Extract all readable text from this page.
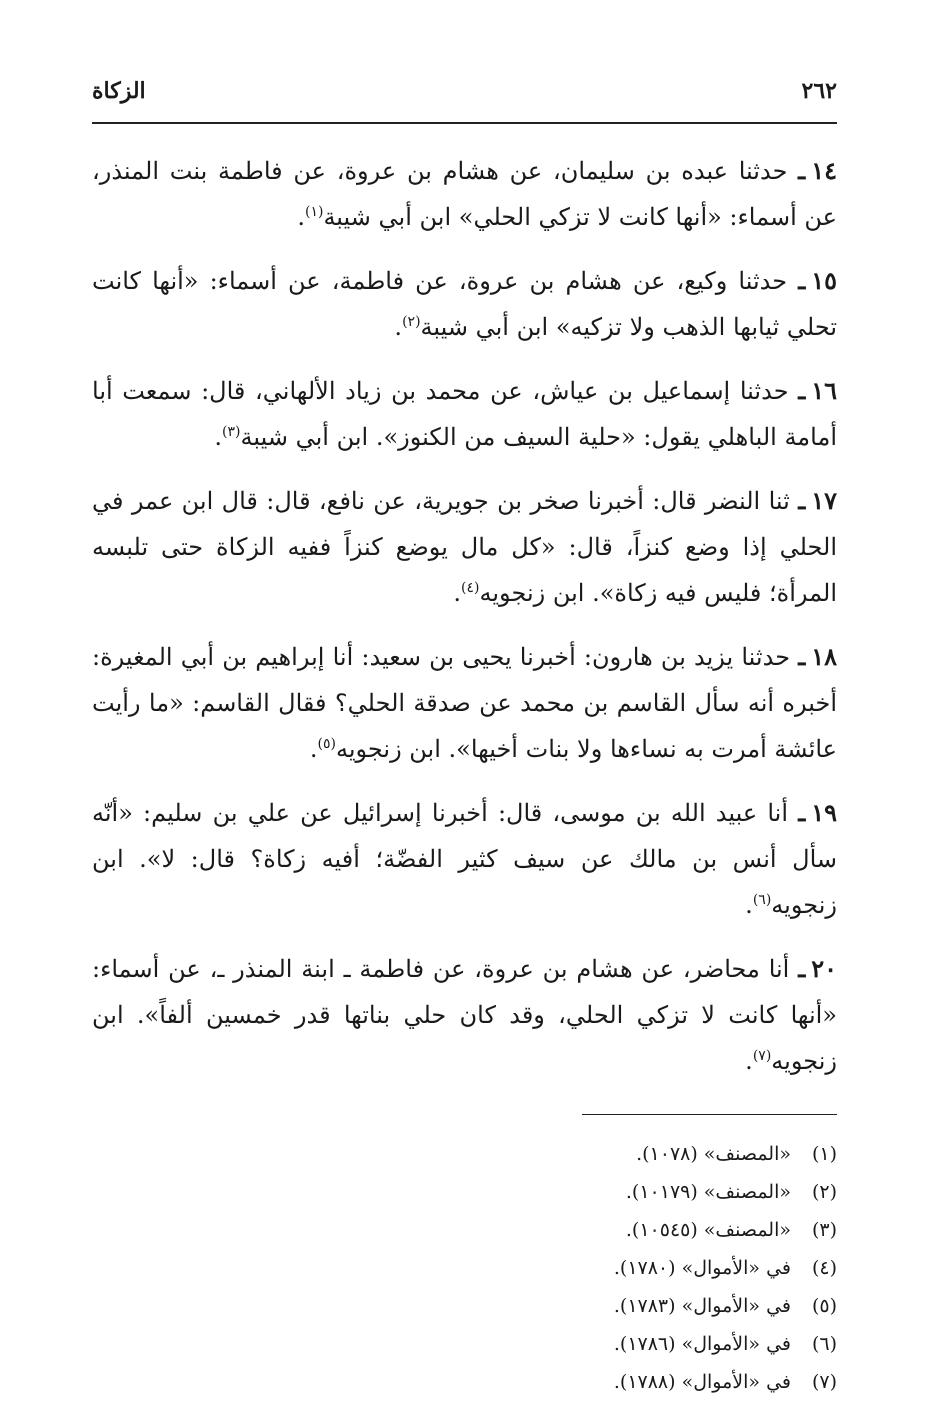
٢٦٢
الزكاة

١٤ـ حدثنا عبده بن سليمان، عن هشام بن عروة، عن فاطمة بنت المنذر، عن أسماء: «أنها كانت لا تزكي الحلي» ابن أبي شيبة$^{(١)}$.

١٥ـ حدثنا وكيع، عن هشام بن عروة، عن فاطمة، عن أسماء: «أنها كانت تحلي ثيابها الذهب ولا تزكيه» ابن أبي شيبة$^{(٢)}$.

١٦ـ حدثنا إسماعيل بن عياش، عن محمد بن زياد الألهاني، قال: سمعت أبا أمامة الباهلي يقول: «حلية السيف من الكنوز». ابن أبي شيبة$^{(٣)}$.

١٧ـ ثنا النضر قال: أخبرنا صخر بن جويرية، عن نافع، قال: قال ابن عمر في الحلي إذا وضع كنزاً، قال: «كل مال يوضع كنزاً ففيه الزكاة حتى تلبسه المرأة؛ فليس فيه زكاة». ابن زنجويه$^{(٤)}$.

١٨ـ حدثنا يزيد بن هارون: أخبرنا يحيى بن سعيد: أنا إبراهيم بن أبي المغيرة: أخبره أنه سأل القاسم بن محمد عن صدقة الحلي؟ فقال القاسم: «ما رأيت عائشة أمرت به نساءها ولا بنات أخيها». ابن زنجويه$^{(٥)}$.

١٩ـ أنا عبيد الله بن موسى، قال: أخبرنا إسرائيل عن علي بن سليم: «أنّه سأل أنس بن مالك عن سيف كثير الفضّة؛ أفيه زكاة؟ قال: لا». ابن زنجويه$^{(٦)}$.

٢٠ـ أنا محاضر، عن هشام بن عروة، عن فاطمة ـ ابنة المنذر ـ، عن أسماء: «أنها كانت لا تزكي الحلي، وقد كان حلي بناتها قدر خمسين ألفاً». ابن زنجويه$^{(٧)}$.

(١)
«المصنف» (١٠٧٨).
(٢)
«المصنف» (١٠١٧٩).
(٣)
«المصنف» (١٠٥٤٥).
(٤)
في «الأموال» (١٧٨٠).
(٥)
في «الأموال» (١٧٨٣).
(٦)
في «الأموال» (١٧٨٦).
(٧)
في «الأموال» (١٧٨٨).
